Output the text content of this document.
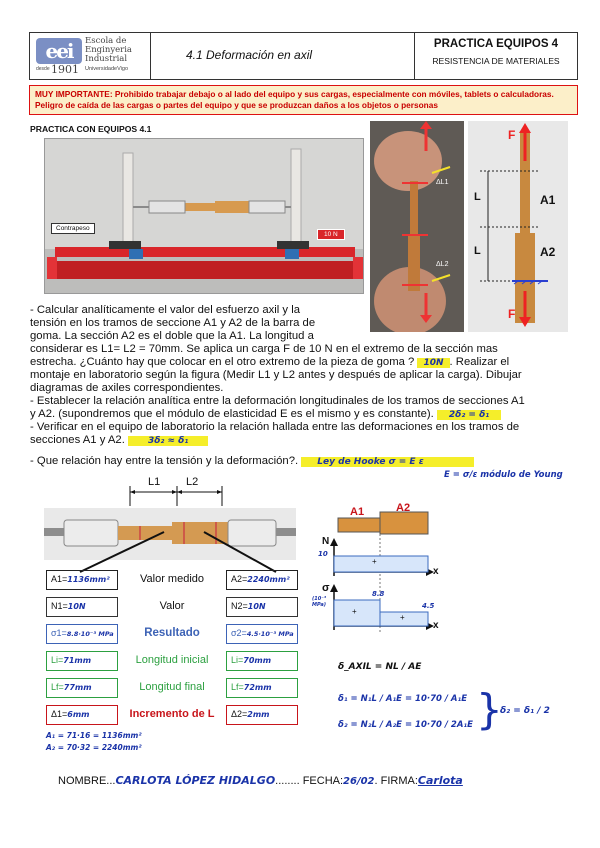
eei	Escola de
Enginyeria
Industrial
desde 1901 UniversidadeVigo
4.1 Deformación en axil
PRACTICA EQUIPOS 4
RESISTENCIA DE MATERIALES
MUY IMPORTANTE: Prohibido trabajar debajo o al lado del equipo y sus cargas, especialmente con móviles, tablets o calculadoras. Peligro de caída de las cargas o partes del equipo y que se produzcan daños a los objetos o personas
PRACTICA CON EQUIPOS 4.1
Contrapeso
10 N
ΔL1
ΔL2
F
F
L
L
A1
A2
- Calcular analíticamente el valor del esfuerzo axil y la
tensión en los tramos de seccione A1 y A2 de la barra de
goma. La sección A2 es el doble que la A1. La longitud a
considerar es L1= L2 = 70mm. Se aplica un carga F de 10 N en el extremo de la sección mas
estrecha. ¿Cuánto hay que colocar en el otro extremo de la pieza de goma ? 10N . Realizar el
montaje en laboratorio según la figura (Medir L1 y L2 antes y después de aplicar la carga). Dibujar
diagramas de axiles correspondientes.
- Establecer la relación analítica entre la deformación longitudinales de los tramos de secciones A1
y A2. (supondremos que el módulo de elasticidad E es el mismo y es constante). 2δ₂ = δ₁
- Verificar en el equipo de laboratorio la relación hallada entre las deformaciones en los tramos de
secciones A1 y A2.	3δ₂ ≈ δ₁
- Que relación hay entre la tensión y la deformación?. Ley de Hooke σ = E ε
E = σ/ε módulo de Young
L1 L2
A1=1136mm²	Valor medido	A2=2240mm²
N1=10N	Valor	N2=10N
σ1=8.8·10⁻³ MPa	Resultado	σ2=4.5·10⁻³ MPa
Li=71mm	Longitud inicial	Li=70mm
Lf=77mm	Longitud final	Lf=72mm
Δ1=6mm	Incremento de L	Δ2=2mm
A₁ = 71·16 = 1136mm²
A₂ = 70·32 = 2240mm²
A1	A2
N
10
x
+
σ
(10⁻³ MPa)
8.8
4.5
x
+
+
δ_AXIL = NL / AE
δ₁ = N₁L / A₁E = 10·70 / A₁E
δ₂ = N₂L / A₂E = 10·70 / 2A₁E }
δ₂ = δ₁ / 2
NOMBRE...CARLOTA LÓPEZ HIDALGO........ FECHA:26/02. FIRMA:Carlota
